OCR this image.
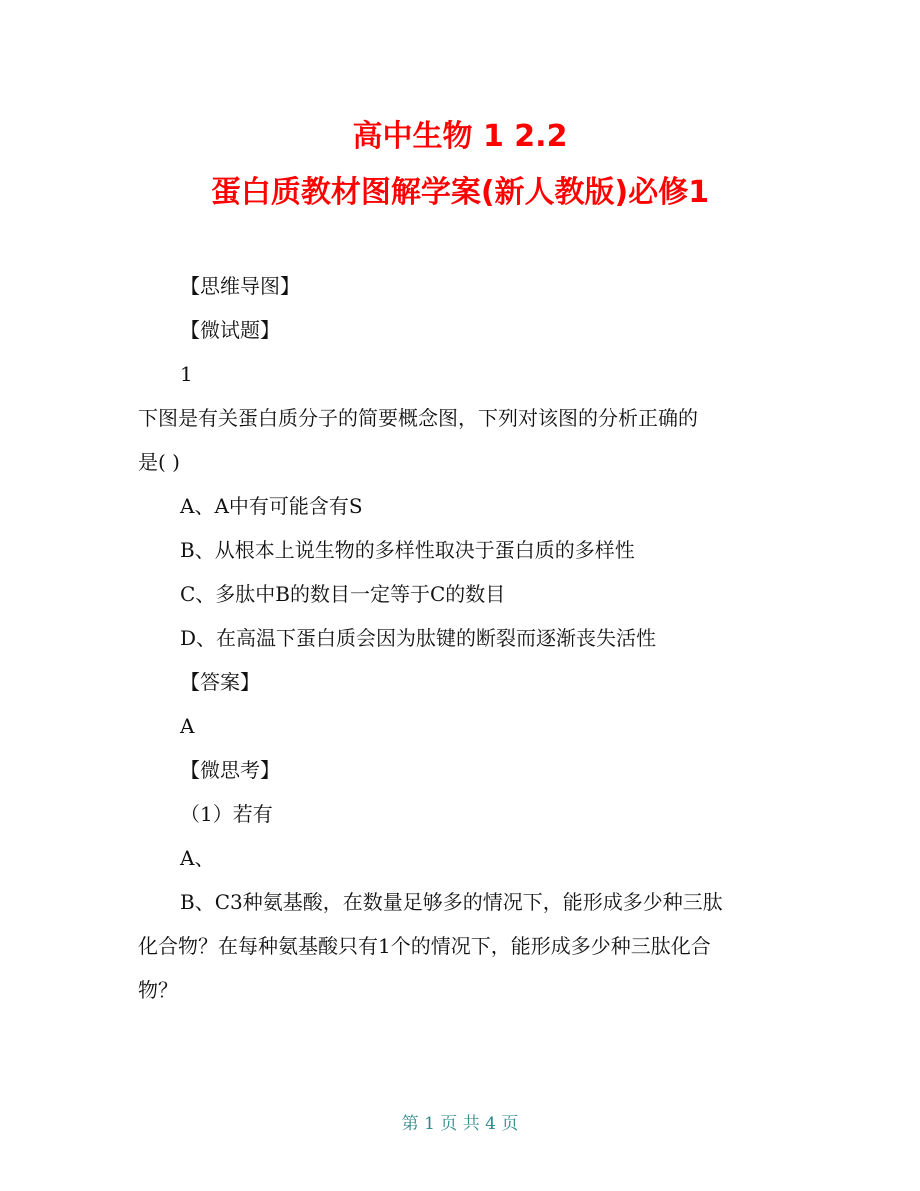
高中生物 1 2.2
蛋白质教材图解学案(新人教版)必修1

【思维导图】

【微试题】

1

下图是有关蛋白质分子的简要概念图，下列对该图的分析正确的

是( )

A、A中有可能含有S

B、从根本上说生物的多样性取决于蛋白质的多样性

C、多肽中B的数目一定等于C的数目

D、在高温下蛋白质会因为肽键的断裂而逐渐丧失活性

【答案】

A

【微思考】

（1）若有

A、

B、C3种氨基酸，在数量足够多的情况下，能形成多少种三肽

化合物？在每种氨基酸只有1个的情况下，能形成多少种三肽化合

物？

第 1 页 共 4 页
